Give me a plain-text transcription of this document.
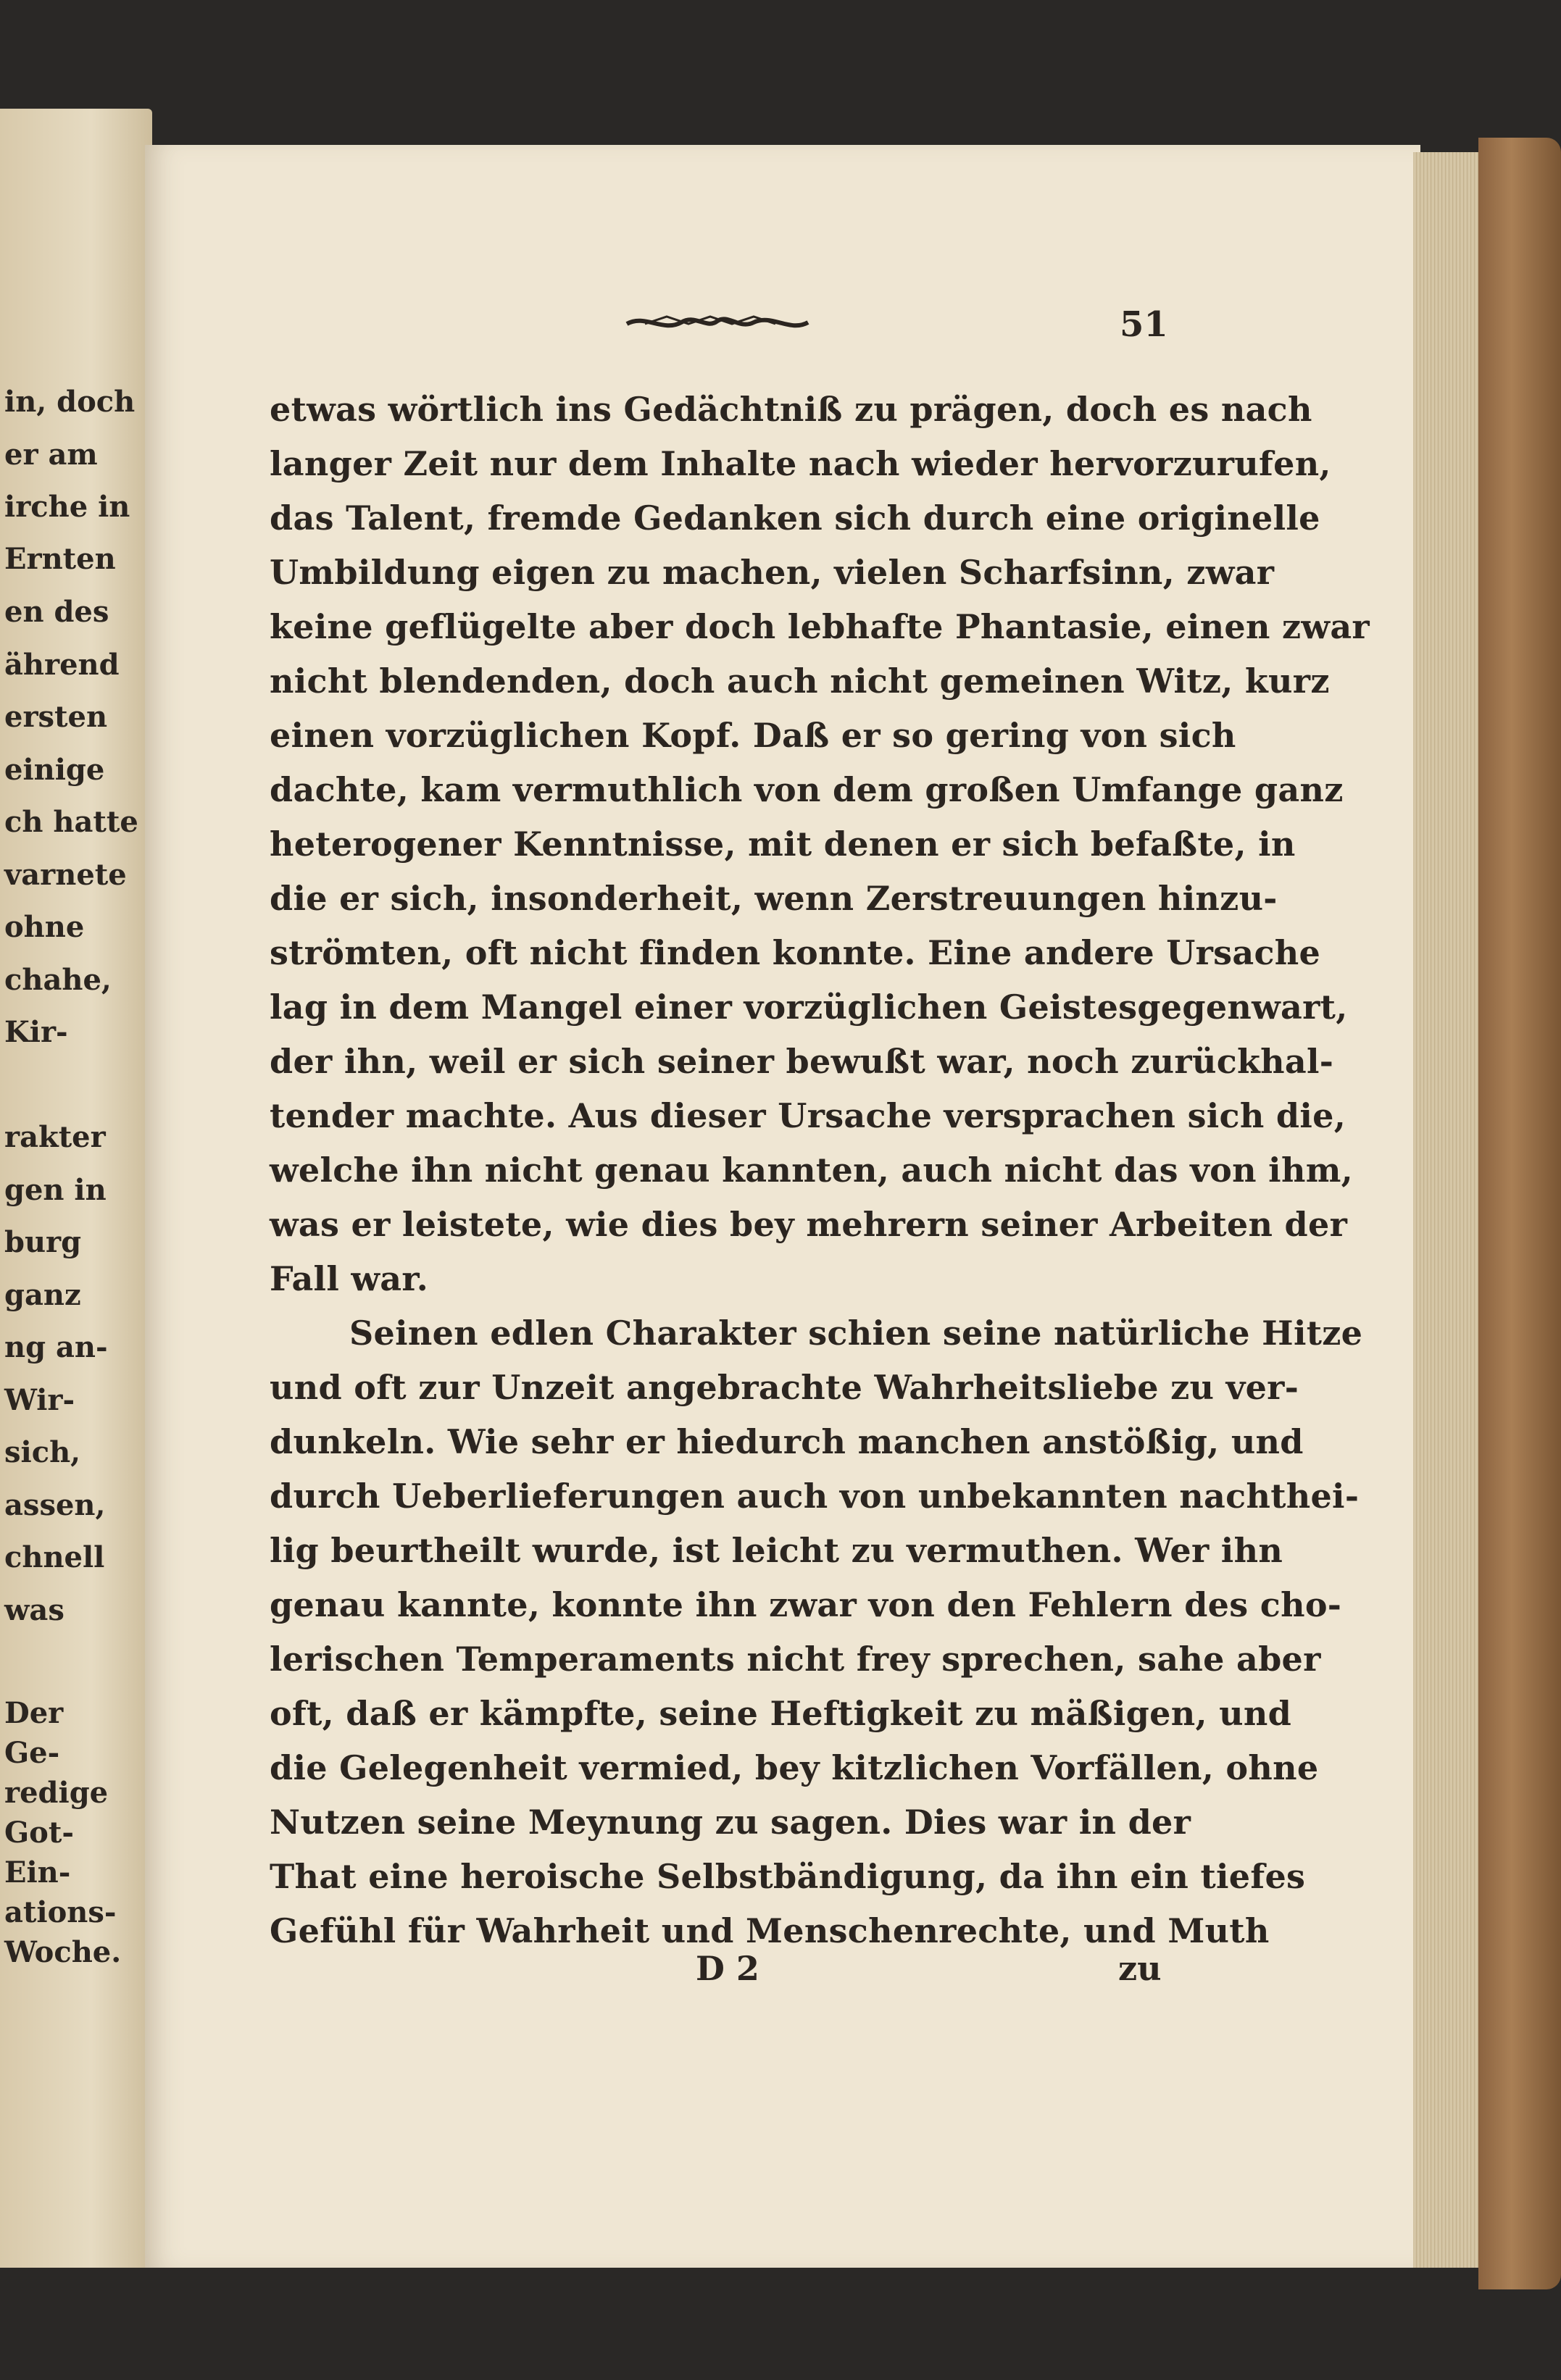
in, doch
er am
irche in
Ernten
en des
ährend
ersten
einige
ch hatte
varnete
ohne
chahe,
Kir-
rakter
gen in
burg
ganz
ng an-
Wir-
sich,
assen,
chnell
was
Der
Ge-
redige
Got-
Ein-
ations-
Woche.
51
etwas wörtlich ins Gedächtniß zu prägen, doch es nach
langer Zeit nur dem Inhalte nach wieder hervorzurufen,
das Talent, fremde Gedanken sich durch eine originelle
Umbildung eigen zu machen, vielen Scharfsinn, zwar
keine geflügelte aber doch lebhafte Phantasie, einen zwar
nicht blendenden, doch auch nicht gemeinen Witz, kurz
einen vorzüglichen Kopf. Daß er so gering von sich
dachte, kam vermuthlich von dem großen Umfange ganz
heterogener Kenntnisse, mit denen er sich befaßte, in
die er sich, insonderheit, wenn Zerstreuungen hinzu-
strömten, oft nicht finden konnte. Eine andere Ursache
lag in dem Mangel einer vorzüglichen Geistesgegenwart,
der ihn, weil er sich seiner bewußt war, noch zurückhal-
tender machte. Aus dieser Ursache versprachen sich die,
welche ihn nicht genau kannten, auch nicht das von ihm,
was er leistete, wie dies bey mehrern seiner Arbeiten der
Fall war.
Seinen edlen Charakter schien seine natürliche Hitze
und oft zur Unzeit angebrachte Wahrheitsliebe zu ver-
dunkeln. Wie sehr er hiedurch manchen anstößig, und
durch Ueberlieferungen auch von unbekannten nachthei-
lig beurtheilt wurde, ist leicht zu vermuthen. Wer ihn
genau kannte, konnte ihn zwar von den Fehlern des cho-
lerischen Temperaments nicht frey sprechen, sahe aber
oft, daß er kämpfte, seine Heftigkeit zu mäßigen, und
die Gelegenheit vermied, bey kitzlichen Vorfällen, ohne
Nutzen seine Meynung zu sagen. Dies war in der
That eine heroische Selbstbändigung, da ihn ein tiefes
Gefühl für Wahrheit und Menschenrechte, und Muth
D 2	zu
